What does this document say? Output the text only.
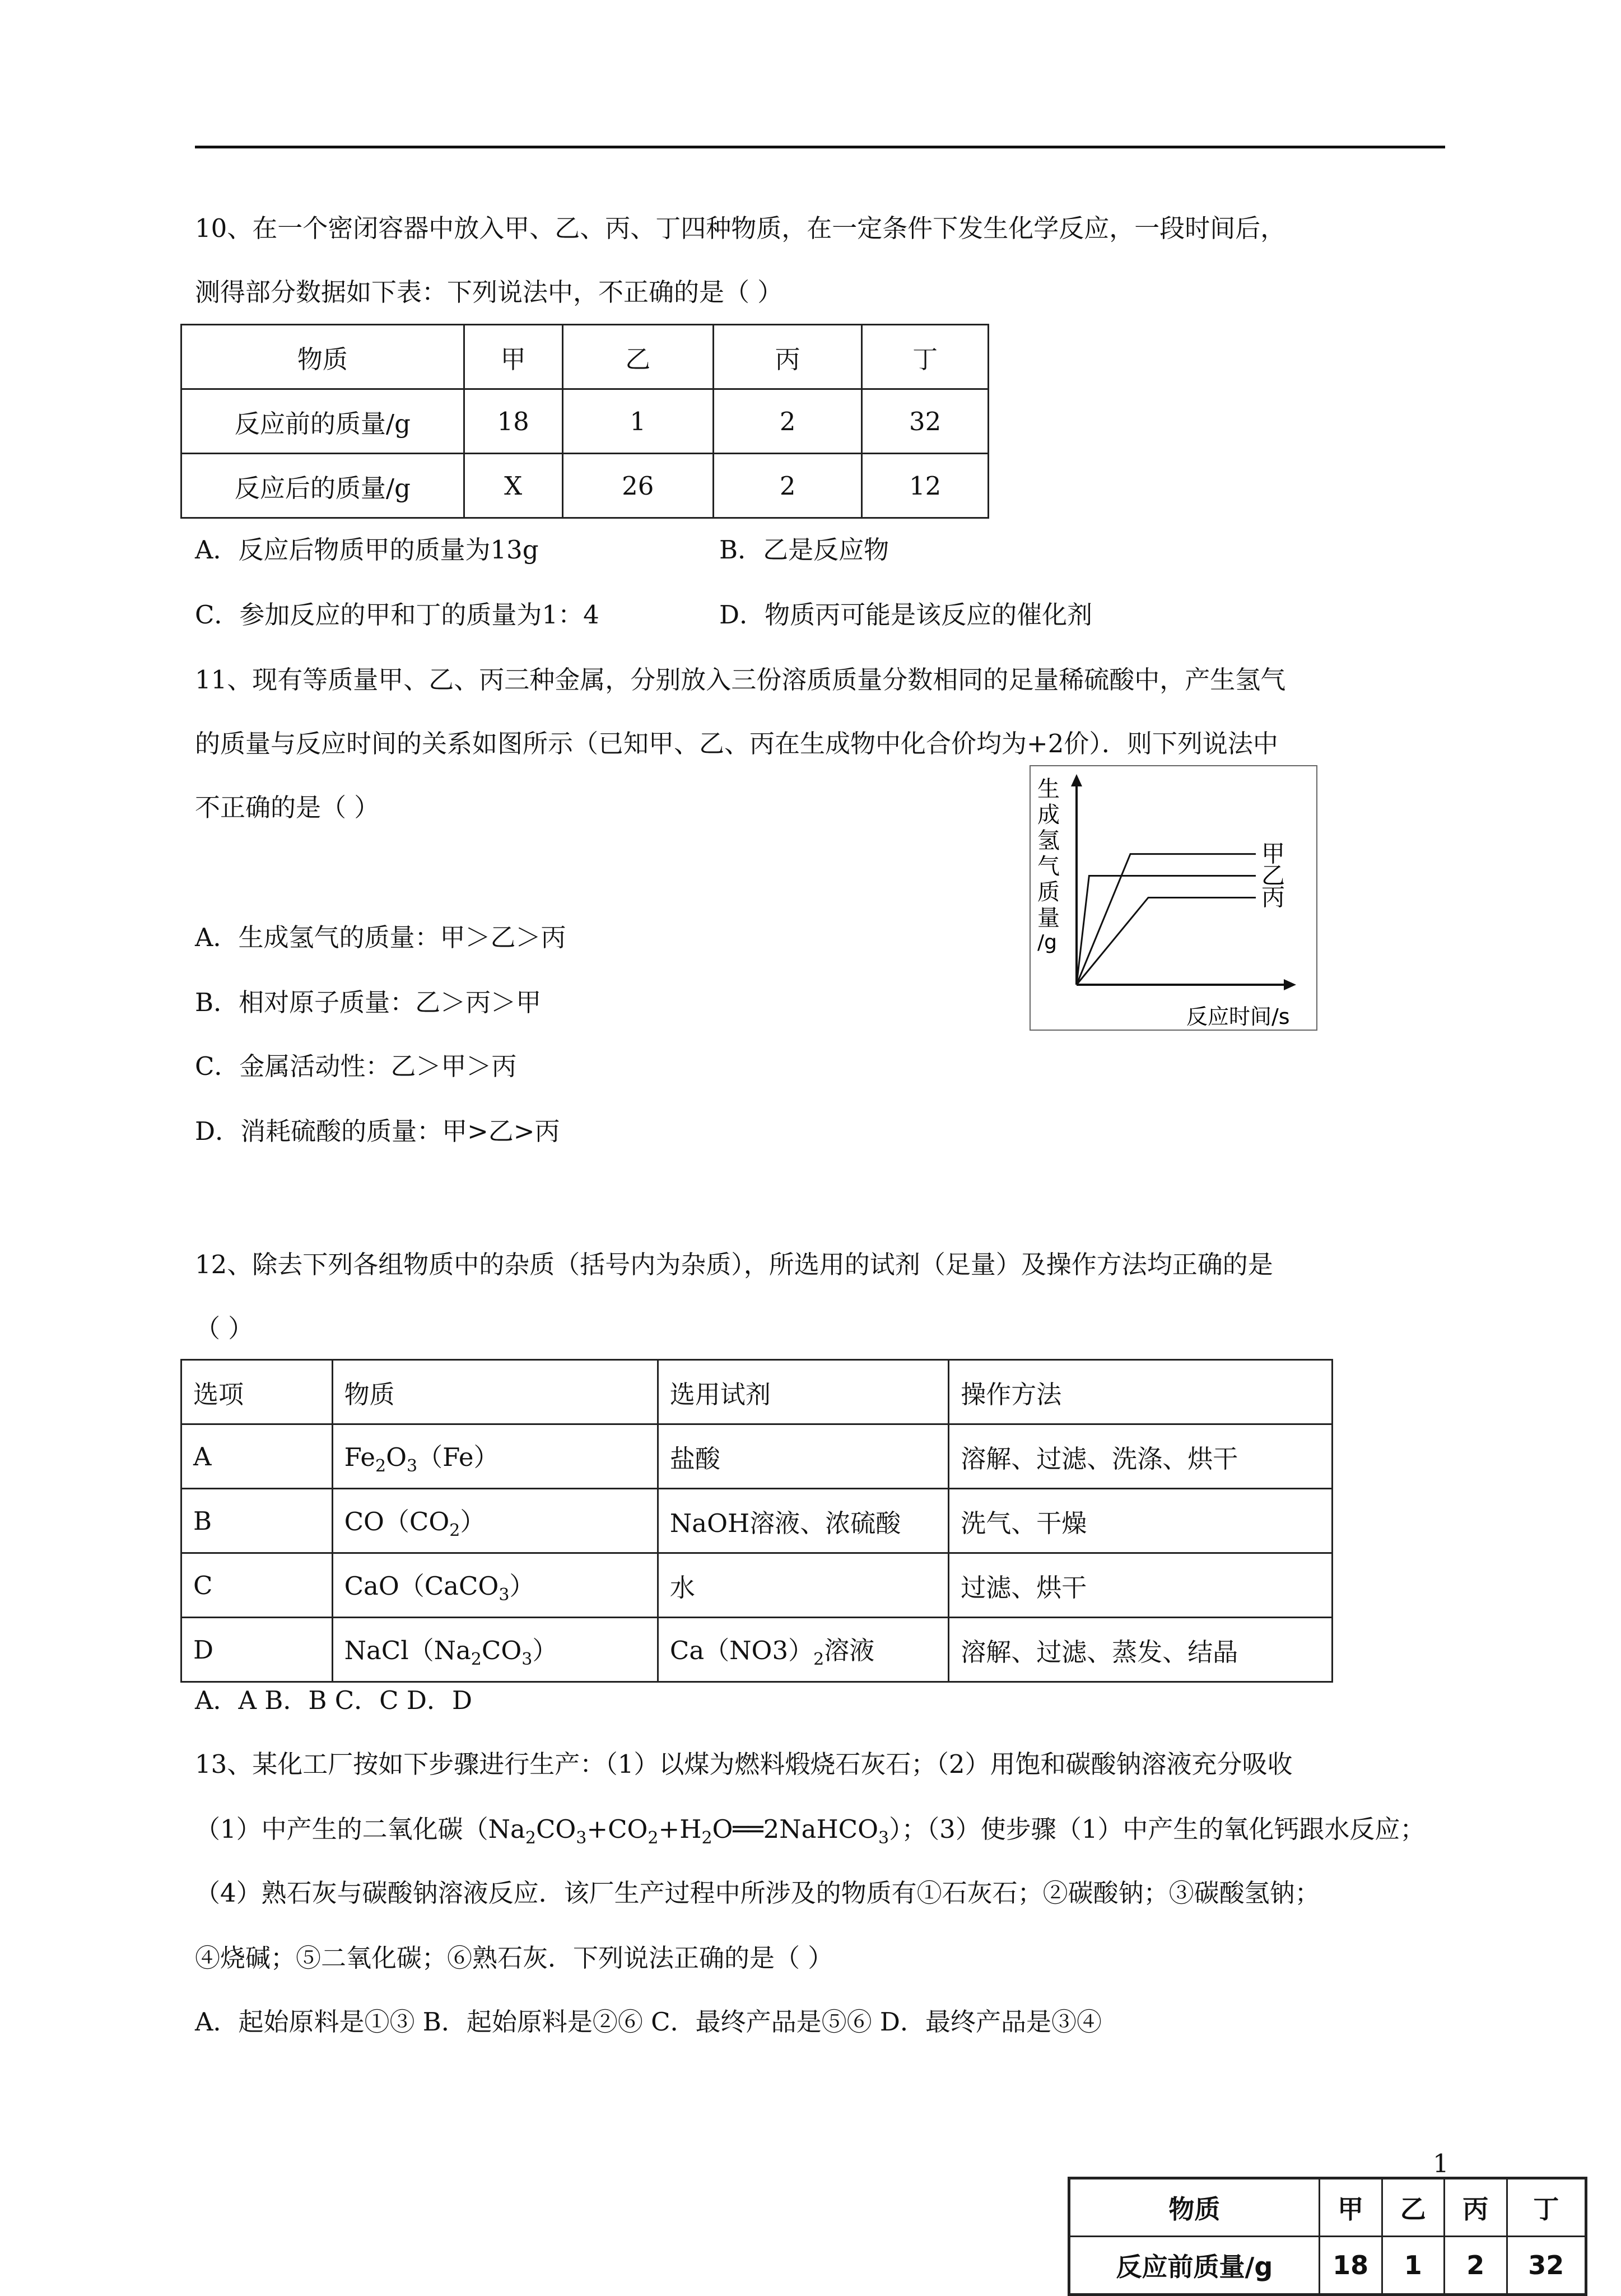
10、在一个密闭容器中放入甲、乙、丙、丁四种物质，在一定条件下发生化学反应，一段时间后，
测得部分数据如下表：下列说法中，不正确的是（ ）
物质	甲	乙	丙	丁
反应前的质量/g	18	1	2	32
反应后的质量/g	X	26	2	12
A．反应后物质甲的质量为13g	B．乙是反应物
C．参加反应的甲和丁的质量为1：4	D．物质丙可能是该反应的催化剂
11、现有等质量甲、乙、丙三种金属，分别放入三份溶质质量分数相同的足量稀硫酸中，产生氢气
的质量与反应时间的关系如图所示（已知甲、乙、丙在生成物中化合价均为+2价）．则下列说法中
不正确的是（ ）
A．生成氢气的质量：甲＞乙＞丙
B．相对原子质量：乙＞丙＞甲
C．金属活动性：乙＞甲＞丙
D．消耗硫酸的质量：甲>乙>丙
生
成
氢
气
质
量
/g
甲
乙
丙
反应时间/s
12、除去下列各组物质中的杂质（括号内为杂质），所选用的试剂（足量）及操作方法均正确的是
（ ）
选项	物质	选用试剂	操作方法
A	$Fe_2O_3(Fe)$	盐酸	溶解、过滤、洗涤、烘干
B	$CO(CO_2)$	NaOH溶液、浓硫酸	洗气、干燥
C	CaO（CaCO$_3$）	水	过滤、烘干
D	$NaCl(Na_2CO_3)$	$Ca(NO3)_2$溶液	溶解、过滤、蒸发、结晶
A．A B．B C．C D．D
13、某化工厂按如下步骤进行生产：（1）以煤为燃料煅烧石灰石；（2）用饱和碳酸钠溶液充分吸收
（1）中产生的二氧化碳$(Na_2CO_3+CO_2+H_2O══2NaHCO_3)$；（3）使步骤（1）中产生的氧化钙跟水反应；
（4）熟石灰与碳酸钠溶液反应．该厂生产过程中所涉及的物质有①石灰石；②碳酸钠；③碳酸氢钠；
④烧碱；⑤二氧化碳；⑥熟石灰．下列说法正确的是（ ）
A．起始原料是①③ B．起始原料是②⑥ C．最终产品是⑤⑥ D．最终产品是③④
1
物质	甲	乙	丙	丁
反应前质量/g	18	1	2	32
